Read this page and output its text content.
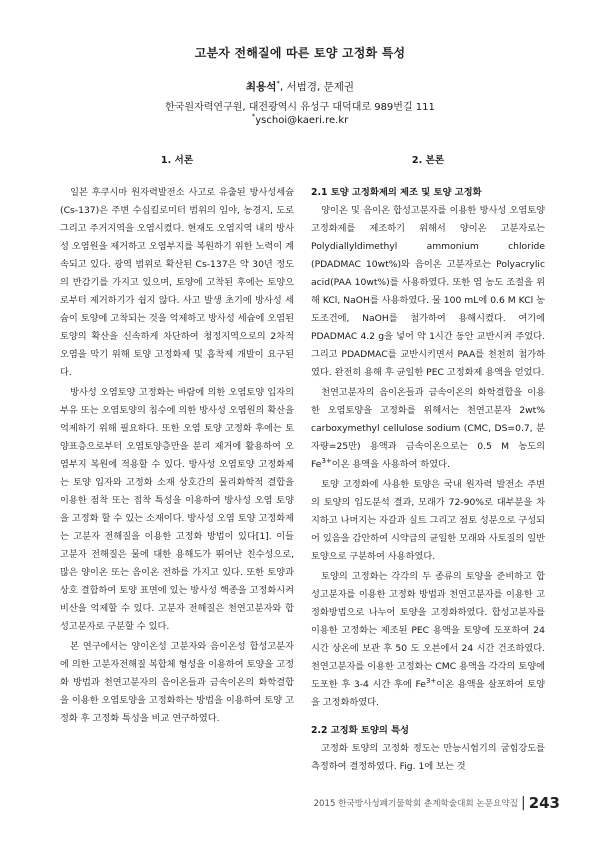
고분자 전해질에 따른 토양 고정화 특성
최용석*, 서범경, 문제권
한국원자력연구원, 대전광역시 유성구 대덕대로 989번길 111
*yschoi@kaeri.re.kr
1. 서론

일본 후쿠시마 원자력발전소 사고로 유출된 방사성세슘(Cs-137)은 주변 수십킬로미터 범위의 임야, 농경지, 도로 그리고 주거지역을 오염시켰다. 현재도 오염지역 내의 방사성 오염원을 제거하고 오염부지를 복원하기 위한 노력이 계속되고 있다. 광역 범위로 확산된 Cs-137은 약 30년 정도의 반감기를 가지고 있으며, 토양에 고착된 후에는 토양으로부터 제거하기가 쉽지 않다. 사고 발생 초기에 방사성 세슘이 토양에 고착되는 것을 억제하고 방사성 세슘에 오염된 토양의 확산을 신속하게 차단하여 청정지역으로의 2차적 오염을 막기 위해 토양 고정화제 및 흡착제 개발이 요구된다.

방사성 오염토양 고정화는 바람에 의한 오염토양 입자의 부유 또는 오염토양의 침수에 의한 방사성 오염원의 확산을 억제하기 위해 필요하다. 또한 오염 토양 고정화 후에는 토양표층으로부터 오염토양층만을 분리 제거에 활용하여 오염부지 복원에 적용할 수 있다. 방사성 오염토양 고정화제는 토양 입자와 고정화 소재 상호간의 물리화학적 결합을 이용한 점착 또는 접착 특성을 이용하여 방사성 오염 토양을 고정화 할 수 있는 소재이다. 방사성 오염 토양 고정화제는 고분자 전해질을 이용한 고정화 방법이 있다[1]. 이들 고분자 전해질은 물에 대한 용해도가 뛰어난 친수성으로, 많은 양이온 또는 음이온 전하를 가지고 있다. 또한 토양과 상호 결합하여 토양 표면에 있는 방사성 핵종을 고정화시켜 비산을 억제할 수 있다. 고분자 전해질은 천연고분자와 합성고분자로 구분할 수 있다.

본 연구에서는 양이온성 고분자와 음이온성 합성고분자에 의한 고분자전해질 복합체 형성을 이용하여 토양을 고정화 방법과 천연고분자의 음이온들과 금속이온의 화학결합을 이용한 오염토양을 고정화하는 방법을 이용하여 토양 고정화 후 고정화 특성을 비교 연구하였다.

2. 본론
2.1 토양 고정화제의 제조 및 토양 고정화

양이온 및 음이온 합성고분자를 이용한 방사성 오염토양 고정화제를 제조하기 위해서 양이온 고분자로는 Polydiallyldimethyl ammonium chloride (PDADMAC 10wt%)와 음이온 고분자로는 Polyacrylic acid(PAA 10wt%)를 사용하였다. 또한 염 농도 조절을 위해 KCl, NaOH를 사용하였다. 물 100 mL에 0.6 M KCl 농도조건에, NaOH를 첨가하여 용해시켰다. 여기에 PDADMAC 4.2 g을 넣어 약 1시간 동안 교반시켜 주었다. 그리고 PDADMAC를 교반시키면서 PAA를 천천히 첨가하였다. 완전히 용해 후 균일한 PEC 고정화제 용액을 얻었다.

천연고분자의 음이온들과 금속이온의 화학결합을 이용한 오염토양을 고정화를 위해서는 천연고분자 2wt% carboxymethyl cellulose sodium (CMC, DS=0.7, 분자량=25만) 용액과 금속이온으로는 0.5 M 농도의 $Fe^{3+}$이온 용액을 사용하여 하였다.

토양 고정화에 사용한 토양은 국내 원자력 발전소 주변의 토양의 입도분석 결과, 모래가 72-90%로 대부분을 차지하고 나머지는 자갈과 실트 그리고 점토 성분으로 구성되어 있음을 감안하여 시약급의 균일한 모래와 사토질의 일반토양으로 구분하여 사용하였다.

토양의 고정화는 각각의 두 종류의 토양을 준비하고 합성고분자를 이용한 고정화 방법과 천연고분자를 이용한 고정화방법으로 나누어 토양을 고정화하였다. 합성고분자를 이용한 고정화는 제조된 PEC 용액을 토양에 도포하여 24 시간 상온에 보관 후 50 도 오븐에서 24 시간 건조하였다. 천연고분자를 이용한 고정화는 CMC 용액을 각각의 토양에 도포한 후 3-4 시간 후에 $Fe^{3+}$이온 용액을 살포하여 토양을 고정화하였다.

2.2 고정화 토양의 특성

고정화 토양의 고정화 정도는 만능시험기의 굽힘강도를 측정하여 결정하였다. Fig. 1에 보는 것

2015 한국방사성폐기물학회 춘계학술대회 논문요약집 | 243
